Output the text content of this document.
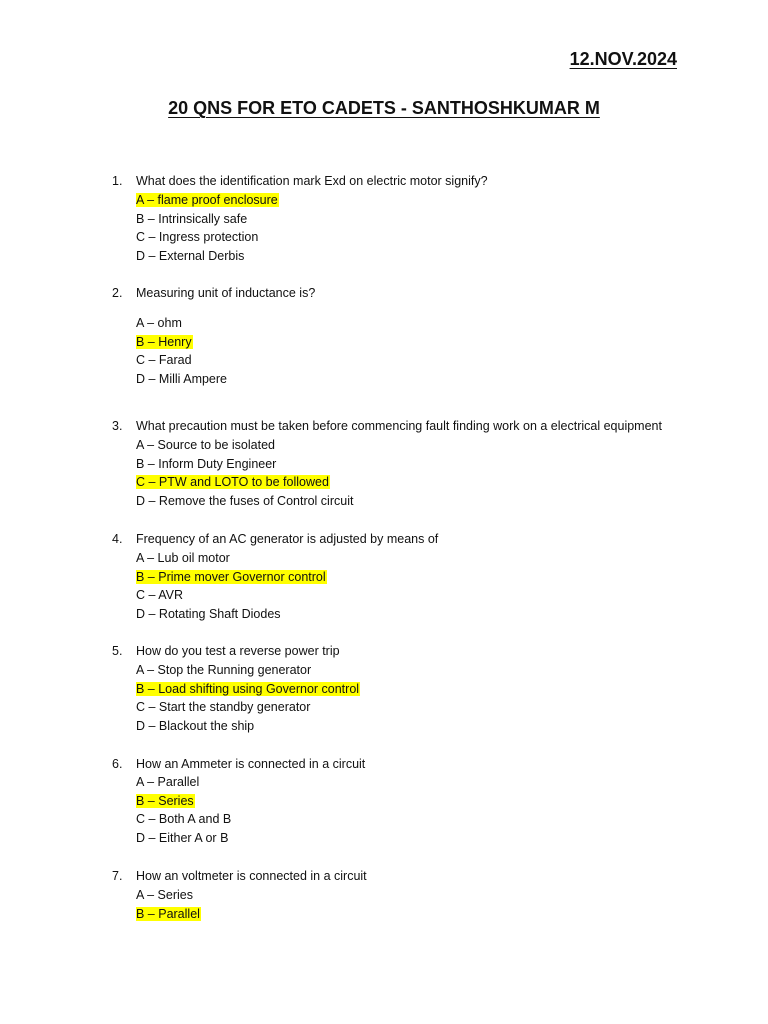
12.NOV.2024
20 QNS FOR ETO CADETS - SANTHOSHKUMAR M
1. What does the identification mark Exd on electric motor signify?
A – flame proof enclosure
B – Intrinsically safe
C – Ingress protection
D – External Derbis
2. Measuring unit of inductance is?
A – ohm
B – Henry
C – Farad
D – Milli Ampere
3. What precaution must be taken before commencing fault finding work on a electrical equipment
A – Source to be isolated
B – Inform Duty Engineer
C – PTW and LOTO to be followed
D – Remove the fuses of Control circuit
4. Frequency of an AC generator is adjusted by means of
A – Lub oil motor
B – Prime mover Governor control
C – AVR
D – Rotating Shaft Diodes
5. How do you test a reverse power trip
A – Stop the Running generator
B – Load shifting using Governor control
C – Start the standby generator
D – Blackout the ship
6. How an Ammeter is connected in a circuit
A – Parallel
B – Series
C – Both A and B
D – Either A or B
7. How an voltmeter is connected in a circuit
A – Series
B – Parallel
